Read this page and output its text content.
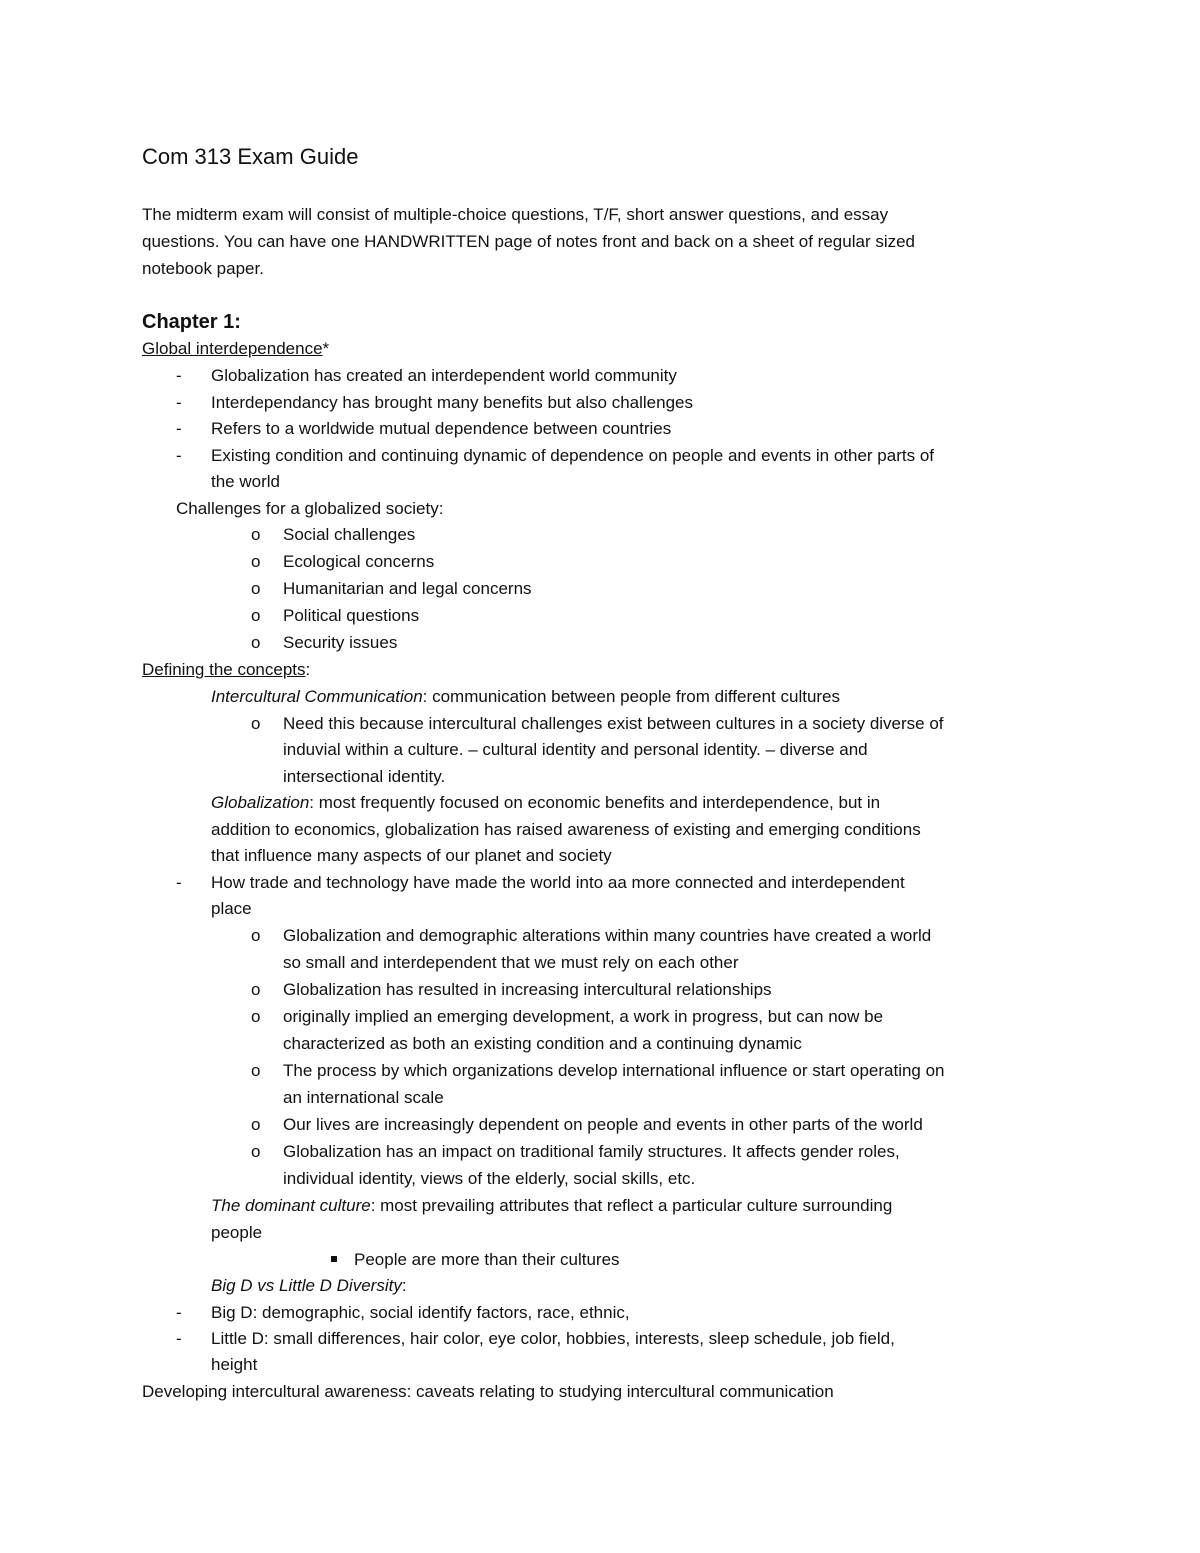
Com 313 Exam Guide
The midterm exam will consist of multiple-choice questions, T/F, short answer questions, and essay
questions. You can have one HANDWRITTEN page of notes front and back on a sheet of regular sized
notebook paper.
Chapter 1:
Global interdependence*
- Globalization has created an interdependent world community
- Interdependancy has brought many benefits but also challenges
- Refers to a worldwide mutual dependence between countries
- Existing condition and continuing dynamic of dependence on people and events in other parts of
the world
Challenges for a globalized society:
o Social challenges
o Ecological concerns
o Humanitarian and legal concerns
o Political questions
o Security issues
Defining the concepts:
Intercultural Communication: communication between people from different cultures
o Need this because intercultural challenges exist between cultures in a society diverse of
induvial within a culture. – cultural identity and personal identity. – diverse and
intersectional identity.
Globalization: most frequently focused on economic benefits and interdependence, but in
addition to economics, globalization has raised awareness of existing and emerging conditions
that influence many aspects of our planet and society
- How trade and technology have made the world into aa more connected and interdependent
place
o Globalization and demographic alterations within many countries have created a world
so small and interdependent that we must rely on each other
o Globalization has resulted in increasing intercultural relationships
o originally implied an emerging development, a work in progress, but can now be
characterized as both an existing condition and a continuing dynamic
o The process by which organizations develop international influence or start operating on
an international scale
o Our lives are increasingly dependent on people and events in other parts of the world
o Globalization has an impact on traditional family structures. It affects gender roles,
individual identity, views of the elderly, social skills, etc.
The dominant culture: most prevailing attributes that reflect a particular culture surrounding
people
People are more than their cultures
Big D vs Little D Diversity:
- Big D: demographic, social identify factors, race, ethnic,
- Little D: small differences, hair color, eye color, hobbies, interests, sleep schedule, job field,
height
Developing intercultural awareness: caveats relating to studying intercultural communication
